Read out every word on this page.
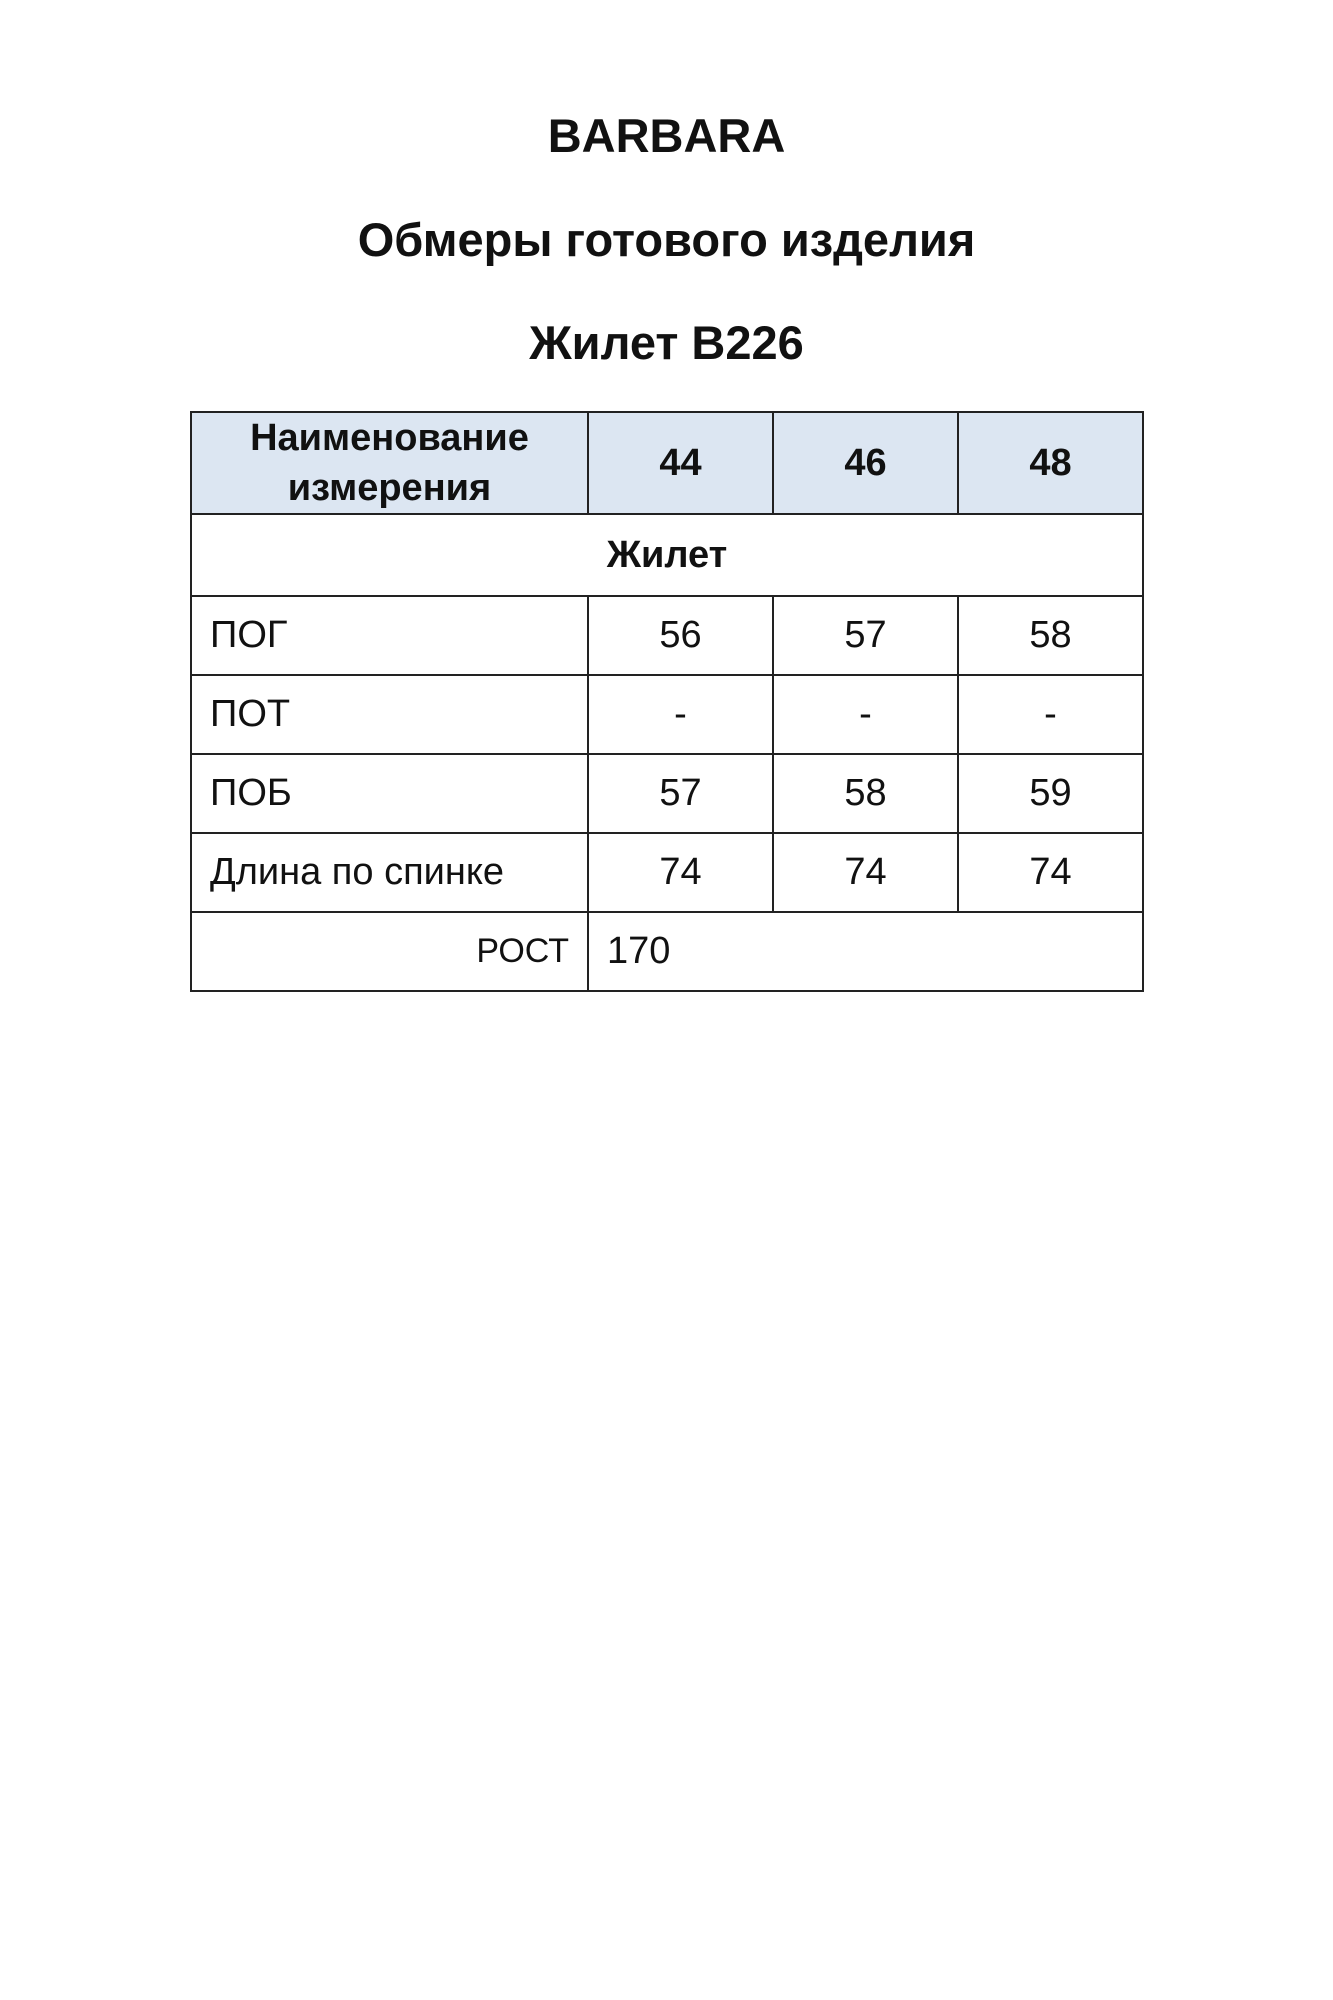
BARBARA
Обмеры готового изделия
Жилет B226
Наименование
измерения	44	46	48
Жилет			
ПОГ	56	57	58
ПОТ	-	-	-
ПОБ	57	58	59
Длина по спинке	74	74	74
РОСТ	170		
